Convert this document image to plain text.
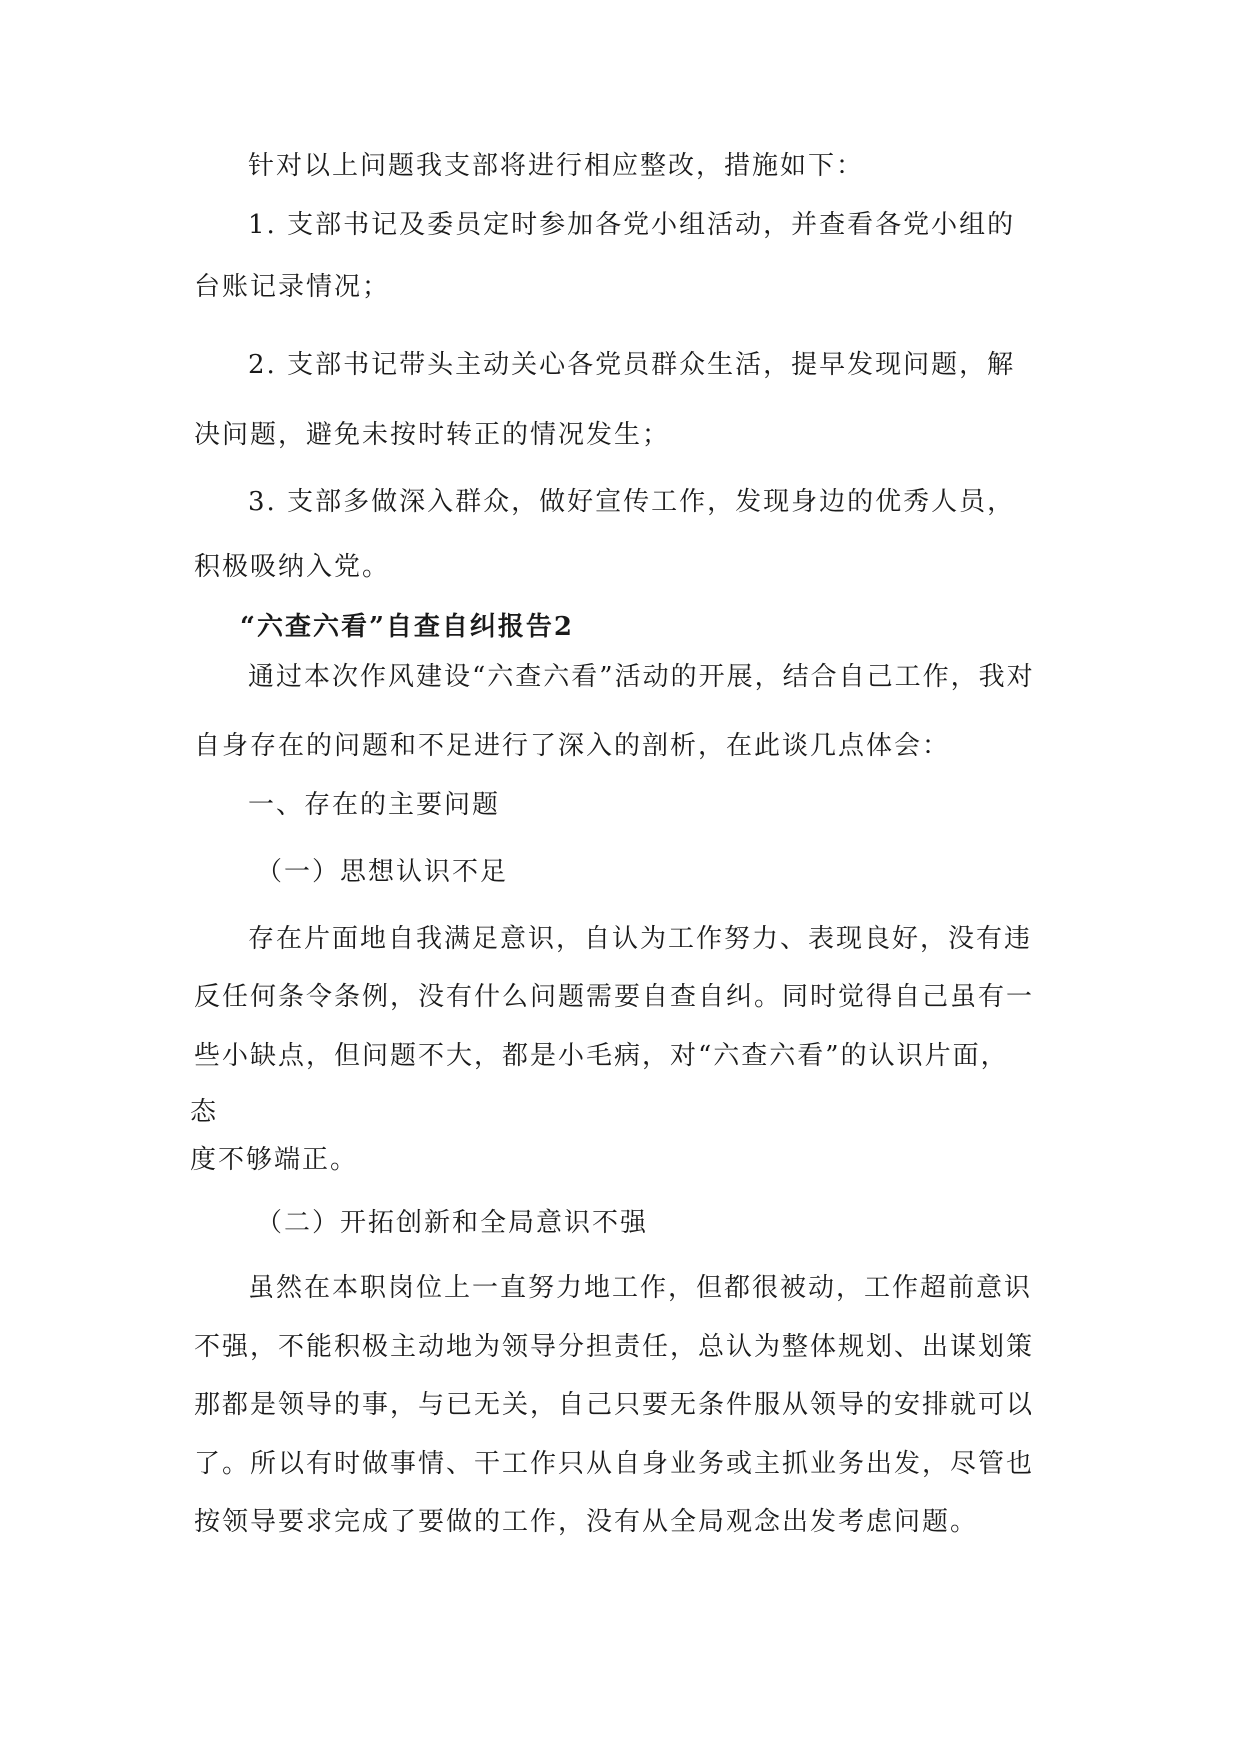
针对以上问题我支部将进行相应整改，措施如下：
1. 支部书记及委员定时参加各党小组活动，并查看各党小组的
台账记录情况；
2. 支部书记带头主动关心各党员群众生活，提早发现问题，解
决问题，避免未按时转正的情况发生；
3. 支部多做深入群众，做好宣传工作，发现身边的优秀人员，
积极吸纳入党。
“六查六看”自查自纠报告2
通过本次作风建设“六查六看”活动的开展，结合自己工作，我对
自身存在的问题和不足进行了深入的剖析，在此谈几点体会：
一、存在的主要问题
（一）思想认识不足
存在片面地自我满足意识，自认为工作努力、表现良好，没有违
反任何条令条例，没有什么问题需要自查自纠。同时觉得自己虽有一
些小缺点，但问题不大，都是小毛病，对“六查六看”的认识片面，
态
度不够端正。
（二）开拓创新和全局意识不强
虽然在本职岗位上一直努力地工作，但都很被动，工作超前意识
不强，不能积极主动地为领导分担责任，总认为整体规划、出谋划策
那都是领导的事，与已无关，自己只要无条件服从领导的安排就可以
了。所以有时做事情、干工作只从自身业务或主抓业务出发，尽管也
按领导要求完成了要做的工作，没有从全局观念出发考虑问题。
